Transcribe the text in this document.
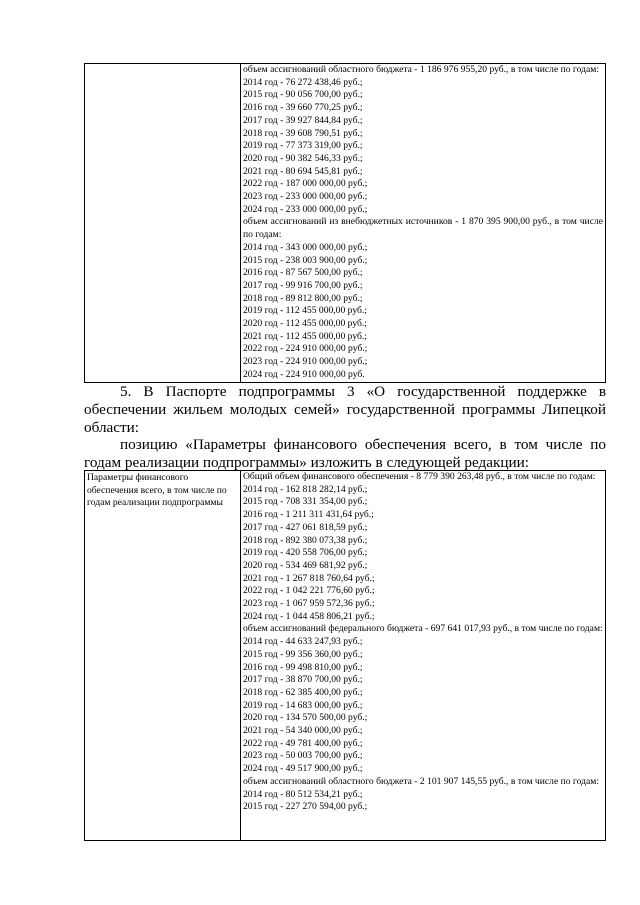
объем ассигнований областного бюджета - 1 186 976 955,20 руб., в том числе по годам:

2014 год - 76 272 438,46 руб.;

2015 год - 90 056 700,00 руб.;

2016 год - 39 660 770,25 руб.;

2017 год - 39 927 844,84 руб.;

2018 год - 39 608 790,51 руб.;

2019 год - 77 373 319,00 руб.;

2020 год - 90 382 546,33 руб.;

2021 год - 80 694 545,81 руб.;

2022 год - 187 000 000,00 руб.;

2023 год - 233 000 000,00 руб.;

2024 год - 233 000 000,00 руб.;

объем ассигнований из внебюджетных источников - 1 870 395 900,00 руб., в том числе по годам:

2014 год - 343 000 000,00 руб.;

2015 год - 238 003 900,00 руб.;

2016 год - 87 567 500,00 руб.;

2017 год - 99 916 700,00 руб.;

2018 год - 89 812 800,00 руб.;

2019 год - 112 455 000,00 руб.;

2020 год - 112 455 000,00 руб.;

2021 год - 112 455 000,00 руб.;

2022 год - 224 910 000,00 руб.;

2023 год - 224 910 000,00 руб.;

2024 год - 224 910 000,00 руб.

5. В Паспорте подпрограммы 3 «О государственной поддержке в обеспечении жильем молодых семей» государственной программы Липецкой области:

позицию «Параметры финансового обеспечения всего, в том числе по годам реализации подпрограммы» изложить в следующей редакции:

Параметры финансового обеспечения всего, в том числе по годам реализации подпрограммы

Общий объем финансового обеспечения - 8 779 390 263,48 руб., в том числе по годам:

2014 год - 162 818 282,14 руб.;

2015 год - 708 331 354,00 руб.;

2016 год - 1 211 311 431,64 руб.;

2017 год - 427 061 818,59 руб.;

2018 год - 892 380 073,38 руб.;

2019 год - 420 558 706,00 руб.;

2020 год - 534 469 681,92 руб.;

2021 год - 1 267 818 760,64 руб.;

2022 год - 1 042 221 776,60 руб.;

2023 год - 1 067 959 572,36 руб.;

2024 год - 1 044 458 806,21 руб.;

объем ассигнований федерального бюджета - 697 641 017,93 руб., в том числе по годам:

2014 год - 44 633 247,93 руб.;

2015 год - 99 356 360,00 руб.;

2016 год - 99 498 810,00 руб.;

2017 год - 38 870 700,00 руб.;

2018 год - 62 385 400,00 руб.;

2019 год - 14 683 000,00 руб.;

2020 год - 134 570 500,00 руб.;

2021 год - 54 340 000,00 руб.;

2022 год - 49 781 400,00 руб.;

2023 год - 50 003 700,00 руб.;

2024 год - 49 517 900,00 руб.;

объем ассигнований областного бюджета - 2 101 907 145,55 руб., в том числе по годам:

2014 год - 80 512 534,21 руб.;

2015 год - 227 270 594,00 руб.;
